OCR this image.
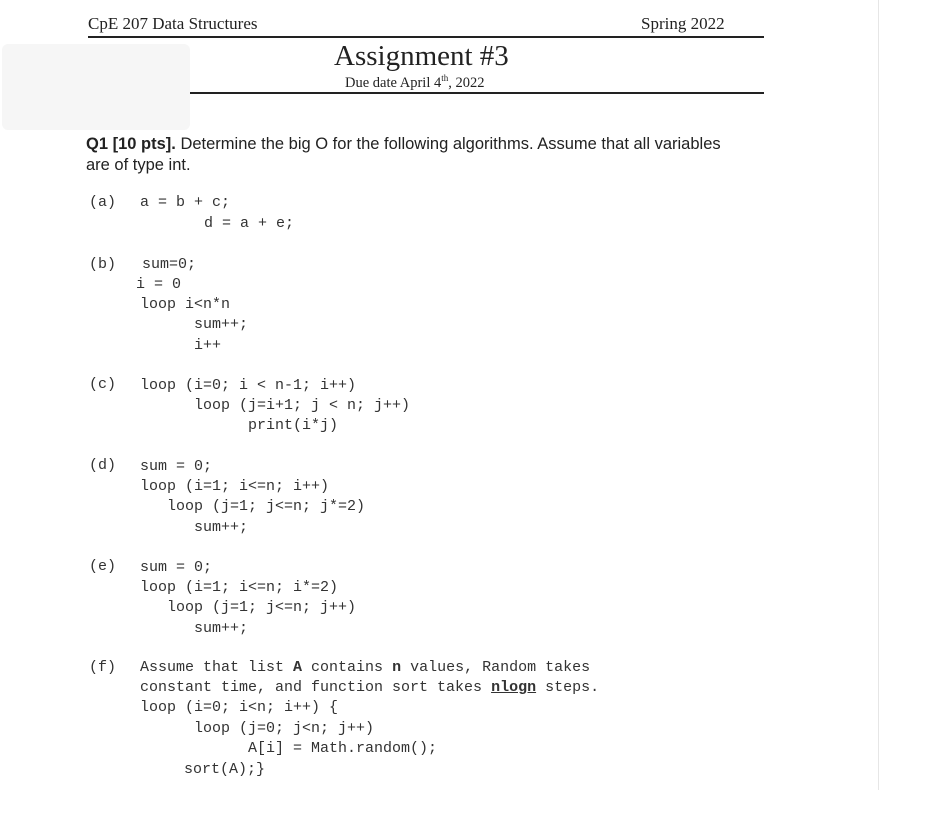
CpE 207 Data Structures	Spring 2022
Assignment #3
Due date April 4th, 2022
Q1 [10 pts]. Determine the big O for the following algorithms. Assume that all variables are of type int.
(a) a = b + c;
d = a + e;
(b) sum=0;
i = 0
loop i<n*n
sum++;
i++
(c) loop (i=0; i < n-1; i++)
loop (j=i+1; j < n; j++)
print(i*j)
(d) sum = 0;
loop (i=1; i<=n; i++)
loop (j=1; j<=n; j*=2)
sum++;
(e) sum = 0;
loop (i=1; i<=n; i*=2)
loop (j=1; j<=n; j++)
sum++;
(f) Assume that list A contains n values, Random takes
constant time, and function sort takes nlogn steps.
loop (i=0; i<n; i++) {
loop (j=0; j<n; j++)
A[i] = Math.random();
sort(A);}
